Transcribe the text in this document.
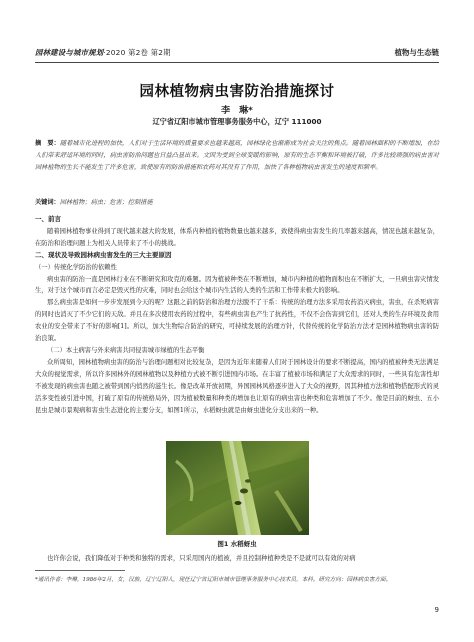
园林建设与城市规划·2020 第2卷 第2期	植物与生态链
园林植物病虫害防治措施探讨
李　琳*
辽宁省辽阳市城市管理事务服务中心，辽宁 111000
摘　要：随着城市化进程的加快，人们对于生活环境的质量要求也越来越高，园林绿化也渐渐成为社会关注的焦点。随着园林面积的不断增加，在给人们带来舒适环境的同时，病虫害防治问题也日益凸显出来。文因为受到全球变暖的影响，原有的生态平衡和环境被打破，许多比较顽强的病虫害对园林植物的生长不能发生了许多危害，致使原有的防治措施和农药对其没有了作用，加快了各种植物病虫害发生的速度和频率。
关键词：园林植物；病虫；危害；控制措施

一、前言

随着园林植物事业得到了现代越来越大的发展，体系内种植的植物数量也越来越多，致使得病虫害发生的几率越来越高，情况也越来越复杂，在防治和治理问题上为相关人员带来了不小的挑战。

二、现状及导致园林病虫害发生的三大主要原因

（一）传统化学防治的依赖性

病虫害的防治一直是园林行业在不断研究和攻克的难题。因为植被种类在不断增加，城市内种植的植物面积也在不断扩大，一旦病虫害灾情发生，对于这个城市而言必定是毁灭性的灾难，同时也会给这个城市内生活的人类的生活和工作带来极大的影响。

那么病虫害是如何一步步发展到今天的呢？这跟之前的防治和治理方法脱不了干系：传统的治理方法多采用农药消灭病虫，害虫，在杀死病害的同时也消灭了不少它们的天敌。并且在多次使用农药的过程中，有些病虫害也产生了抗药性，不仅不会伤害到它们，还对人类的生存环境及食用农业的安全带来了不好的影响[1]。所以，加大生物综合防治的研究，可持续发展的治理方针，代替传统的化学防治方法才是园林植物病虫害的防治良策。

（二）本土病害与外来病害共同侵害城市绿植的生态平衡

众所周知，园林植物病虫害的防治与治理问题相对比较复杂，是因为近年来随着人们对于园林设计的要求不断提高，国内的植被种类无法满足大众的视觉需求，所以许多园林外的园林植物以及种植方式被不断引进国内市场。在丰富了植被市场和满足了大众需求的同时，一些具有危害性却不被发现的病虫害也随之被带到国内悄然的滋生长。像是改革开放初期，异国园林风格逐步进入了大众的视野，因其种植方法和植物搭配形式的灵活多变性被引进中国，打破了原有的传统格局外，因为植被数量和种类的增加也让原有的病虫害也种类和危害增加了不少。像是目前的蚜虫、五小昆虫是城市景观病和害虫生态进化的主要分支，如图1所示，水稻蚜虫就是由蚜虫进化分支出来的一种。

图1 水稻蚜虫
也许你会说，我们降低对于种类和独特的需求，只采用国内的植被，并且控制种植种类是不是就可以有效的对病
*通讯作者：李琳，1986年2月，女，汉族，辽宁辽阳人，现任辽宁省辽阳市城市管理事务服务中心技术员，本科。研究方向：园林病虫害方面。
9
